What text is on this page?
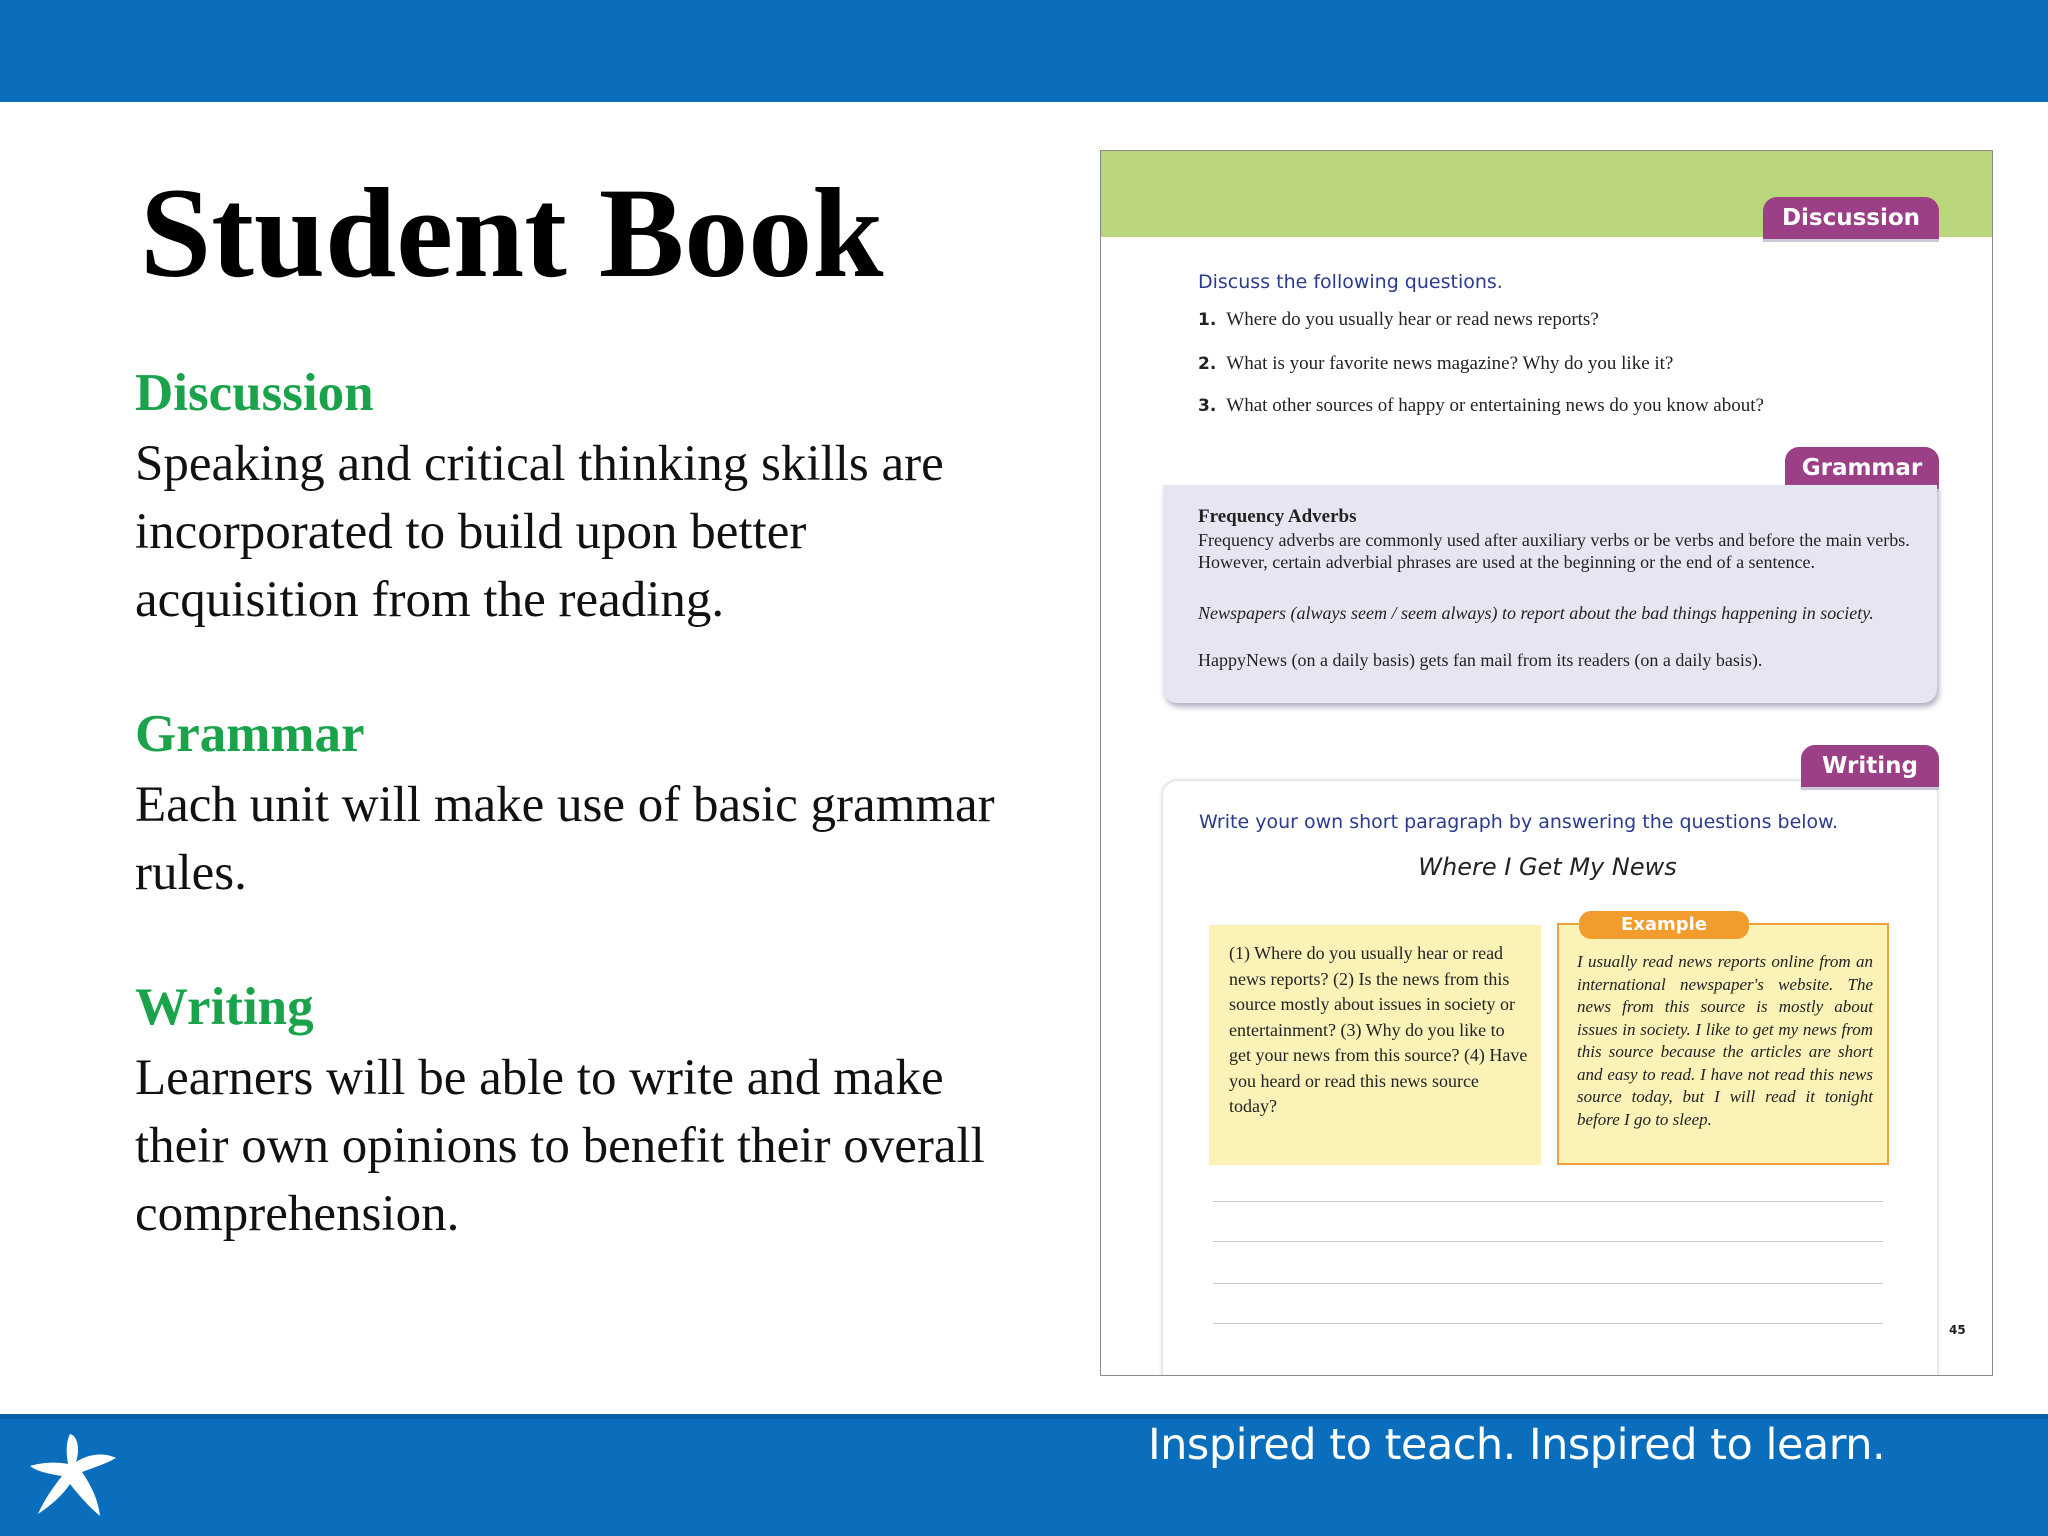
Student Book
Discussion
Speaking and critical thinking skills are incorporated to build upon better acquisition from the reading.
Grammar
Each unit will make use of basic grammar rules.
Writing
Learners will be able to write and make their own opinions to benefit their overall comprehension.
Discussion
Discuss the following questions.
1. Where do you usually hear or read news reports?
2. What is your favorite news magazine? Why do you like it?
3. What other sources of happy or entertaining news do you know about?
Grammar
Frequency Adverbs
Frequency adverbs are commonly used after auxiliary verbs or be verbs and before the main verbs. However, certain adverbial phrases are used at the beginning or the end of a sentence.
Newspapers (always seem / seem always) to report about the bad things happening in society.
HappyNews (on a daily basis) gets fan mail from its readers (on a daily basis).
Writing
Write your own short paragraph by answering the questions below.
Where I Get My News
(1) Where do you usually hear or read news reports? (2) Is the news from this source mostly about issues in society or entertainment? (3) Why do you like to get your news from this source? (4) Have you heard or read this news source today?
I usually read news reports online from an international newspaper's website. The news from this source is mostly about issues in society. I like to get my news from this source because the articles are short and easy to read. I have not read this news source today, but I will read it tonight before I go to sleep.
Example
45
Inspired to teach. Inspired to learn.
